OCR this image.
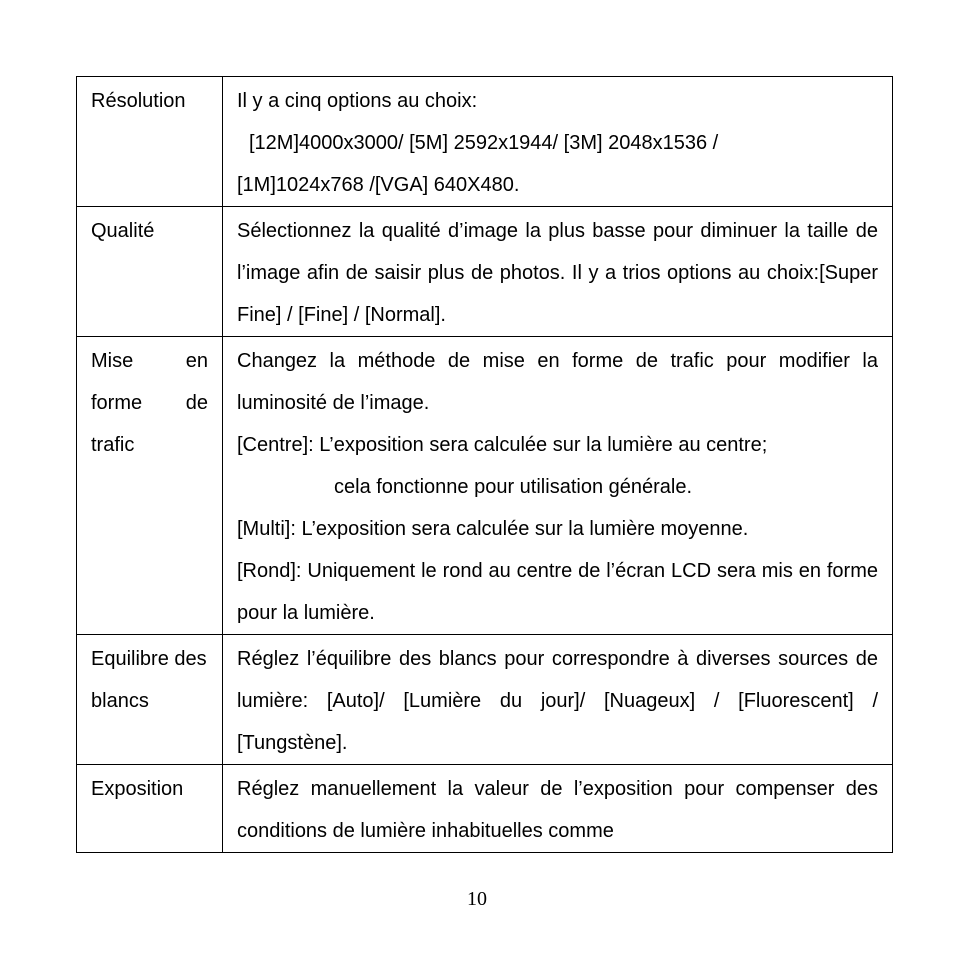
Résolution	Il y a cinq options au choix:
[12M]4000x3000/ [5M] 2592x1944/ [3M] 2048x1536 /
[1M]1024x768 /[VGA] 640X480.

Qualité	Sélectionnez la qualité d’image la plus basse pour diminuer la taille de l’image afin de saisir plus de photos. Il y a trios options au choix:[Super Fine] / [Fine] / [Normal].
Mise en forme de trafic	Changez la méthode de mise en forme de trafic pour modifier la luminosité de l’image.
[Centre]: L’exposition sera calculée sur la lumière au centre;
cela fonctionne pour utilisation générale.
[Multi]: L’exposition sera calculée sur la lumière moyenne.
[Rond]: Uniquement le rond au centre de l’écran LCD sera mis en forme pour la lumière.

Equilibre des blancs	Réglez l’équilibre des blancs pour correspondre à diverses sources de lumière: [Auto]/ [Lumière du jour]/ [Nuageux] / [Fluorescent] / [Tungstène].
Exposition	Réglez manuellement la valeur de l’exposition pour compenser des conditions de lumière inhabituelles comme
10
